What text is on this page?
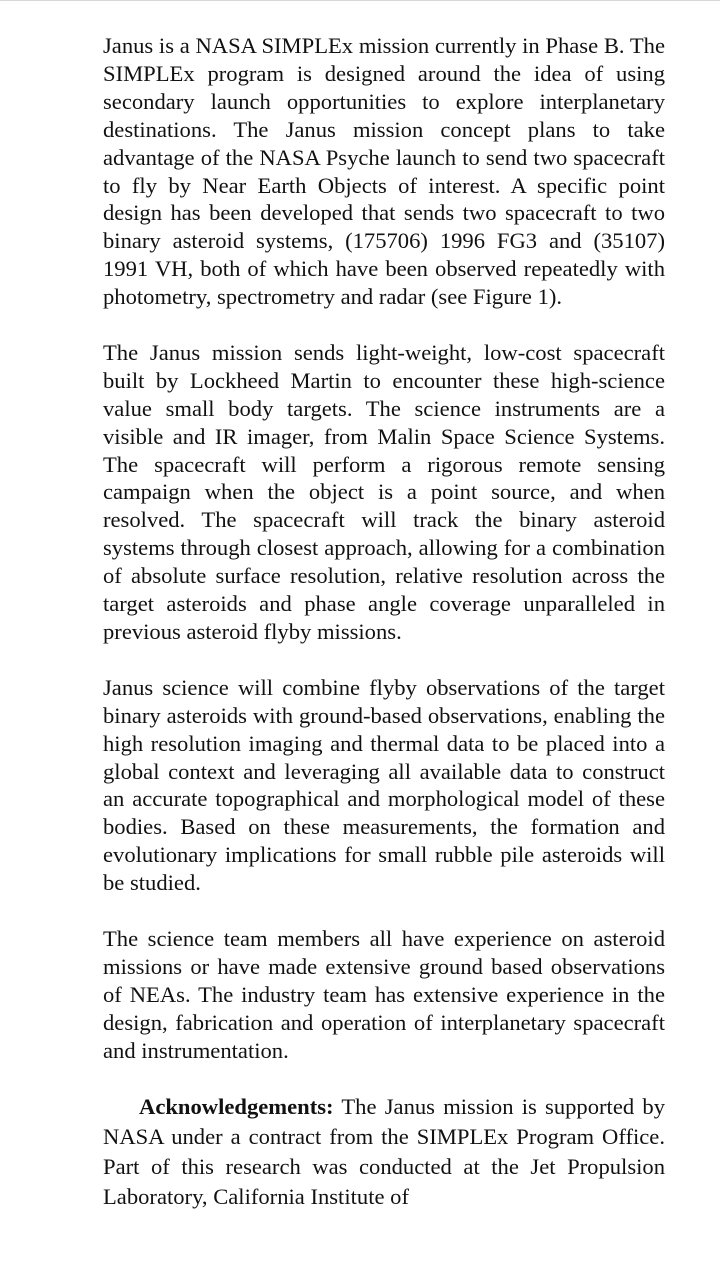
Janus is a NASA SIMPLEx mission currently in Phase B. The SIMPLEx program is designed around the idea of using secondary launch opportunities to explore interplanetary destinations. The Janus mission concept plans to take advantage of the NASA Psyche launch to send two spacecraft to fly by Near Earth Objects of interest. A specific point design has been developed that sends two spacecraft to two binary asteroid systems, (175706) 1996 FG3 and (35107) 1991 VH, both of which have been observed repeatedly with photometry, spectrometry and radar (see Figure 1).

The Janus mission sends light-weight, low-cost spacecraft built by Lockheed Martin to encounter these high-science value small body targets. The science instruments are a visible and IR imager, from Malin Space Science Systems. The spacecraft will perform a rigorous remote sensing campaign when the object is a point source, and when resolved. The spacecraft will track the binary asteroid systems through closest approach, allowing for a combination of absolute surface resolution, relative resolution across the target asteroids and phase angle coverage unparalleled in previous asteroid flyby missions.

Janus science will combine flyby observations of the target binary asteroids with ground-based observations, enabling the high resolution imaging and thermal data to be placed into a global context and leveraging all available data to construct an accurate topographical and morphological model of these bodies. Based on these measurements, the formation and evolutionary implications for small rubble pile asteroids will be studied.

The science team members all have experience on asteroid missions or have made extensive ground based observations of NEAs. The industry team has extensive experience in the design, fabrication and operation of interplanetary spacecraft and instrumentation.

Acknowledgements: The Janus mission is supported by NASA under a contract from the SIMPLEx Program Office. Part of this research was conducted at the Jet Propulsion Laboratory, California Institute of
